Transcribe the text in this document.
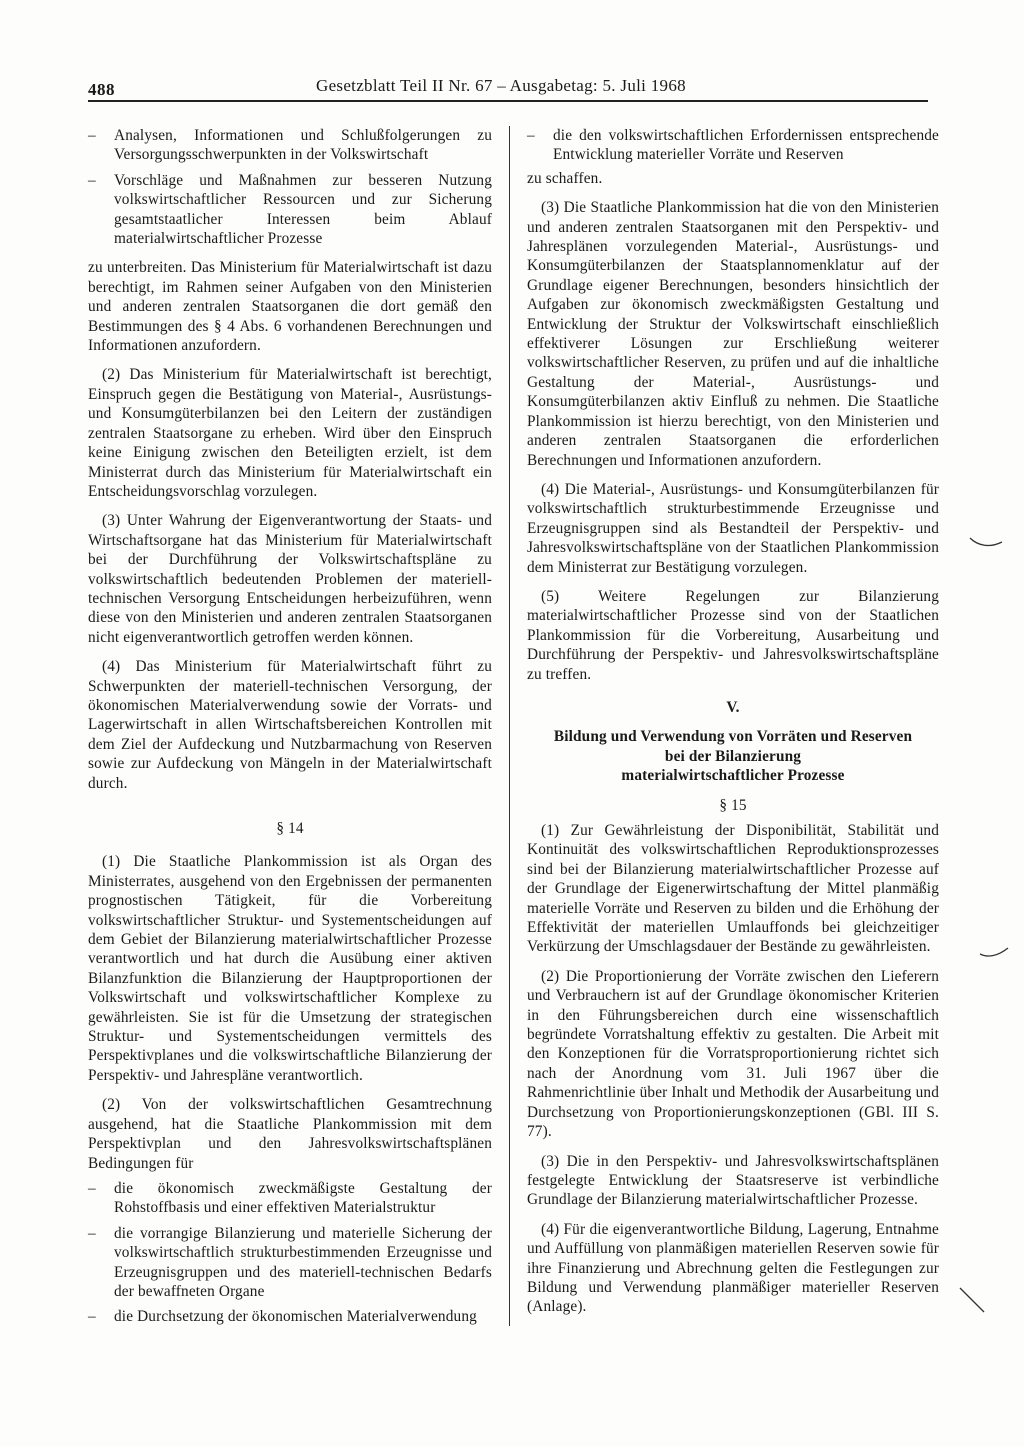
488	Gesetzblatt Teil II Nr. 67 – Ausgabetag: 5. Juli 1968
– Analysen, Informationen und Schlußfolgerungen zu Versorgungsschwerpunkten in der Volkswirtschaft
– Vorschläge und Maßnahmen zur besseren Nutzung volkswirtschaftlicher Ressourcen und zur Sicherung gesamtstaatlicher Interessen beim Ablauf materialwirtschaftlicher Prozesse

zu unterbreiten. Das Ministerium für Materialwirtschaft ist dazu berechtigt, im Rahmen seiner Aufgaben von den Ministerien und anderen zentralen Staatsorganen die dort gemäß den Bestimmungen des § 4 Abs. 6 vorhandenen Berechnungen und Informationen anzufordern.

(2) Das Ministerium für Materialwirtschaft ist berechtigt, Einspruch gegen die Bestätigung von Material-, Ausrüstungs- und Konsumgüterbilanzen bei den Leitern der zuständigen zentralen Staatsorgane zu erheben. Wird über den Einspruch keine Einigung zwischen den Beteiligten erzielt, ist dem Ministerrat durch das Ministerium für Materialwirtschaft ein Entscheidungsvorschlag vorzulegen.

(3) Unter Wahrung der Eigenverantwortung der Staats- und Wirtschaftsorgane hat das Ministerium für Materialwirtschaft bei der Durchführung der Volkswirtschaftspläne zu volkswirtschaftlich bedeutenden Problemen der materiell-technischen Versorgung Entscheidungen herbeizuführen, wenn diese von den Ministerien und anderen zentralen Staatsorganen nicht eigenverantwortlich getroffen werden können.

(4) Das Ministerium für Materialwirtschaft führt zu Schwerpunkten der materiell-technischen Versorgung, der ökonomischen Materialverwendung sowie der Vorrats- und Lagerwirtschaft in allen Wirtschaftsbereichen Kontrollen mit dem Ziel der Aufdeckung und Nutzbarmachung von Reserven sowie zur Aufdeckung von Mängeln in der Materialwirtschaft durch.

§ 14

(1) Die Staatliche Plankommission ist als Organ des Ministerrates, ausgehend von den Ergebnissen der permanenten prognostischen Tätigkeit, für die Vorbereitung volkswirtschaftlicher Struktur- und Systementscheidungen auf dem Gebiet der Bilanzierung materialwirtschaftlicher Prozesse verantwortlich und hat durch die Ausübung einer aktiven Bilanzfunktion die Bilanzierung der Hauptproportionen der Volkswirtschaft und volkswirtschaftlicher Komplexe zu gewährleisten. Sie ist für die Umsetzung der strategischen Struktur- und Systementscheidungen vermittels des Perspektivplanes und die volkswirtschaftliche Bilanzierung der Perspektiv- und Jahrespläne verantwortlich.

(2) Von der volkswirtschaftlichen Gesamtrechnung ausgehend, hat die Staatliche Plankommission mit dem Perspektivplan und den Jahresvolkswirtschaftsplänen Bedingungen für

– die ökonomisch zweckmäßigste Gestaltung der Rohstoffbasis und einer effektiven Materialstruktur
– die vorrangige Bilanzierung und materielle Sicherung der volkswirtschaftlich strukturbestimmenden Erzeugnisse und Erzeugnisgruppen und des materiell-technischen Bedarfs der bewaffneten Organe
– die Durchsetzung der ökonomischen Materialverwendung
– die den volkswirtschaftlichen Erfordernissen entsprechende Entwicklung materieller Vorräte und Reserven

zu schaffen.

(3) Die Staatliche Plankommission hat die von den Ministerien und anderen zentralen Staatsorganen mit den Perspektiv- und Jahresplänen vorzulegenden Material-, Ausrüstungs- und Konsumgüterbilanzen der Staatsplannomenklatur auf der Grundlage eigener Berechnungen, besonders hinsichtlich der Aufgaben zur ökonomisch zweckmäßigsten Gestaltung und Entwicklung der Struktur der Volkswirtschaft einschließlich effektiverer Lösungen zur Erschließung weiterer volkswirtschaftlicher Reserven, zu prüfen und auf die inhaltliche Gestaltung der Material-, Ausrüstungs- und Konsumgüterbilanzen aktiv Einfluß zu nehmen. Die Staatliche Plankommission ist hierzu berechtigt, von den Ministerien und anderen zentralen Staatsorganen die erforderlichen Berechnungen und Informationen anzufordern.

(4) Die Material-, Ausrüstungs- und Konsumgüterbilanzen für volkswirtschaftlich strukturbestimmende Erzeugnisse und Erzeugnisgruppen sind als Bestandteil der Perspektiv- und Jahresvolkswirtschaftspläne von der Staatlichen Plankommission dem Ministerrat zur Bestätigung vorzulegen.

(5) Weitere Regelungen zur Bilanzierung materialwirtschaftlicher Prozesse sind von der Staatlichen Plankommission für die Vorbereitung, Ausarbeitung und Durchführung der Perspektiv- und Jahresvolkswirtschaftspläne zu treffen.

V.
Bildung und Verwendung von Vorräten und Reserven
bei der Bilanzierung
materialwirtschaftlicher Prozesse
§ 15

(1) Zur Gewährleistung der Disponibilität, Stabilität und Kontinuität des volkswirtschaftlichen Reproduktionsprozesses sind bei der Bilanzierung materialwirtschaftlicher Prozesse auf der Grundlage der Eigenerwirtschaftung der Mittel planmäßig materielle Vorräte und Reserven zu bilden und die Erhöhung der Effektivität der materiellen Umlauffonds bei gleichzeitiger Verkürzung der Umschlagsdauer der Bestände zu gewährleisten.

(2) Die Proportionierung der Vorräte zwischen den Lieferern und Verbrauchern ist auf der Grundlage ökonomischer Kriterien in den Führungsbereichen durch eine wissenschaftlich begründete Vorratshaltung effektiv zu gestalten. Die Arbeit mit den Konzeptionen für die Vorratsproportionierung richtet sich nach der Anordnung vom 31. Juli 1967 über die Rahmenrichtlinie über Inhalt und Methodik der Ausarbeitung und Durchsetzung von Proportionierungskonzeptionen (GBl. III S. 77).

(3) Die in den Perspektiv- und Jahresvolkswirtschaftsplänen festgelegte Entwicklung der Staatsreserve ist verbindliche Grundlage der Bilanzierung materialwirtschaftlicher Prozesse.

(4) Für die eigenverantwortliche Bildung, Lagerung, Entnahme und Auffüllung von planmäßigen materiellen Reserven sowie für ihre Finanzierung und Abrechnung gelten die Festlegungen zur Bildung und Verwendung planmäßiger materieller Reserven (Anlage).
